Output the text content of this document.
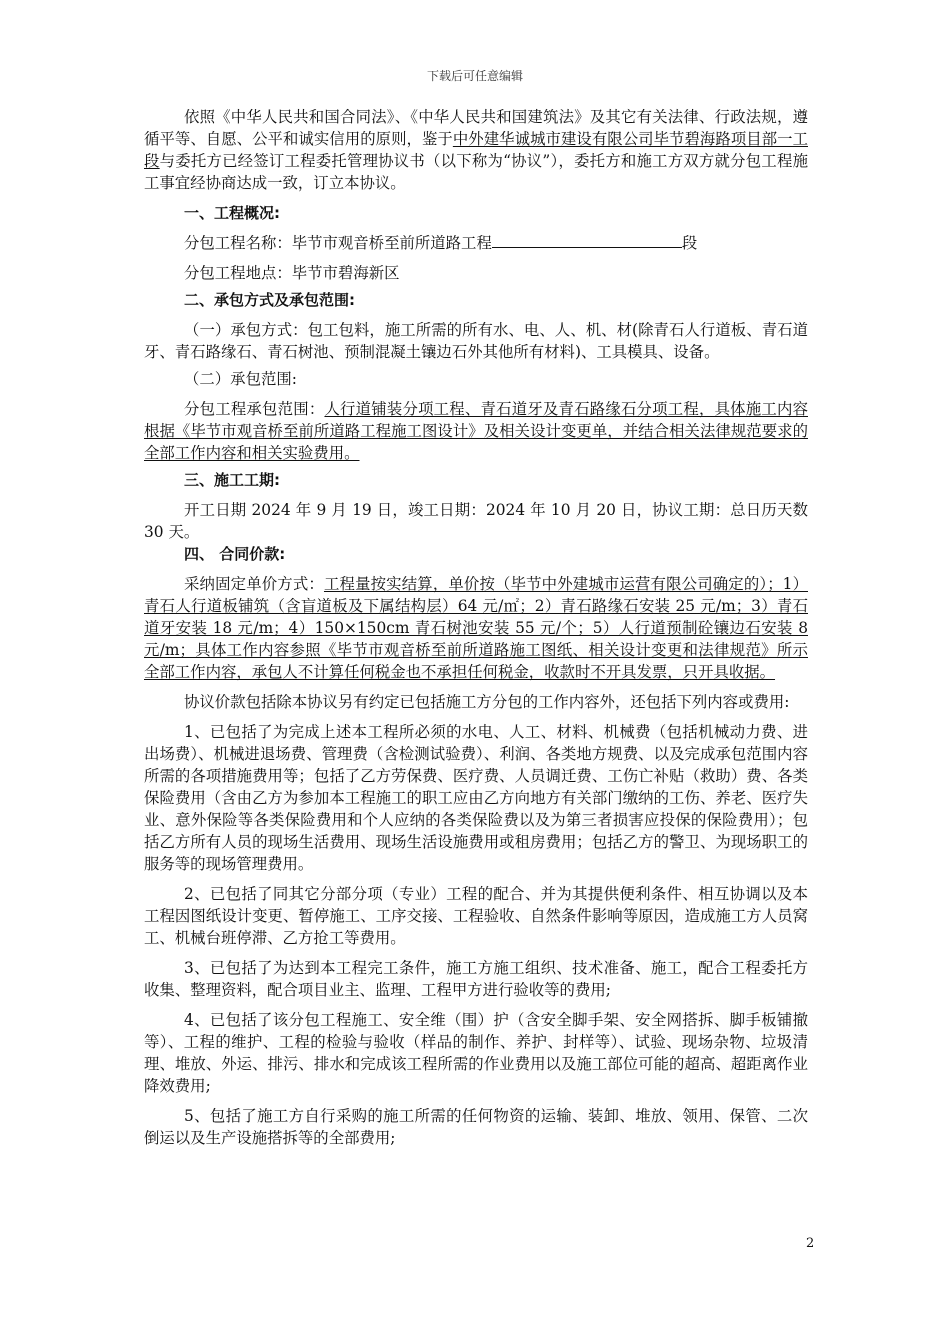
下载后可任意编辑

依照《中华人民共和国合同法》、《中华人民共和国建筑法》及其它有关法律、行政法规，遵循平等、自愿、公平和诚实信用的原则，鉴于中外建华诚城市建设有限公司毕节碧海路项目部一工段与委托方已经签订工程委托管理协议书（以下称为“协议”），委托方和施工方双方就分包工程施工事宜经协商达成一致，订立本协议。

一、工程概况:

分包工程名称：毕节市观音桥至前所道路工程	段

分包工程地点：毕节市碧海新区

二、承包方式及承包范围:

（一）承包方式：包工包料，施工所需的所有水、电、人、机、材(除青石人行道板、青石道牙、青石路缘石、青石树池、预制混凝土镶边石外其他所有材料)、工具模具、设备。

（二）承包范围:

分包工程承包范围：人行道铺装分项工程、青石道牙及青石路缘石分项工程，具体施工内容根据《毕节市观音桥至前所道路工程施工图设计》及相关设计变更单，并结合相关法律规范要求的全部工作内容和相关实验费用。

三、施工工期:

开工日期 2024 年 9 月 19 日，竣工日期：2024 年 10 月 20 日，协议工期：总日历天数 30 天。

四、 合同价款:

采纳固定单价方式：工程量按实结算，单价按（毕节中外建城市运营有限公司确定的）；1）青石人行道板铺筑（含盲道板及下属结构层）64 元/㎡；2）青石路缘石安装 25 元/m；3）青石道牙安装 18 元/m；4）150×150cm 青石树池安装 55 元/个；5）人行道预制砼镶边石安装 8 元/m；具体工作内容参照《毕节市观音桥至前所道路施工图纸、相关设计变更和法律规范》所示全部工作内容，承包人不计算任何税金也不承担任何税金，收款时不开具发票，只开具收据。

协议价款包括除本协议另有约定已包括施工方分包的工作内容外，还包括下列内容或费用:

1、已包括了为完成上述本工程所必须的水电、人工、材料、机械费（包括机械动力费、进出场费）、机械进退场费、管理费（含检测试验费）、利润、各类地方规费、以及完成承包范围内容所需的各项措施费用等；包括了乙方劳保费、医疗费、人员调迁费、工伤亡补贴（救助）费、各类保险费用（含由乙方为参加本工程施工的职工应由乙方向地方有关部门缴纳的工伤、养老、医疗失业、意外保险等各类保险费用和个人应纳的各类保险费以及为第三者损害应投保的保险费用）；包括乙方所有人员的现场生活费用、现场生活设施费用或租房费用；包括乙方的警卫、为现场职工的服务等的现场管理费用。

2、已包括了同其它分部分项（专业）工程的配合、并为其提供便利条件、相互协调以及本工程因图纸设计变更、暂停施工、工序交接、工程验收、自然条件影响等原因，造成施工方人员窝工、机械台班停滞、乙方抢工等费用。

3、已包括了为达到本工程完工条件，施工方施工组织、技术准备、施工，配合工程委托方收集、整理资料，配合项目业主、监理、工程甲方进行验收等的费用;

4、已包括了该分包工程施工、安全维（围）护（含安全脚手架、安全网搭拆、脚手板铺撤等）、工程的维护、工程的检验与验收（样品的制作、养护、封样等）、试验、现场杂物、垃圾清理、堆放、外运、排污、排水和完成该工程所需的作业费用以及施工部位可能的超高、超距离作业降效费用;

5、包括了施工方自行采购的施工所需的任何物资的运输、装卸、堆放、领用、保管、二次倒运以及生产设施搭拆等的全部费用;

2
